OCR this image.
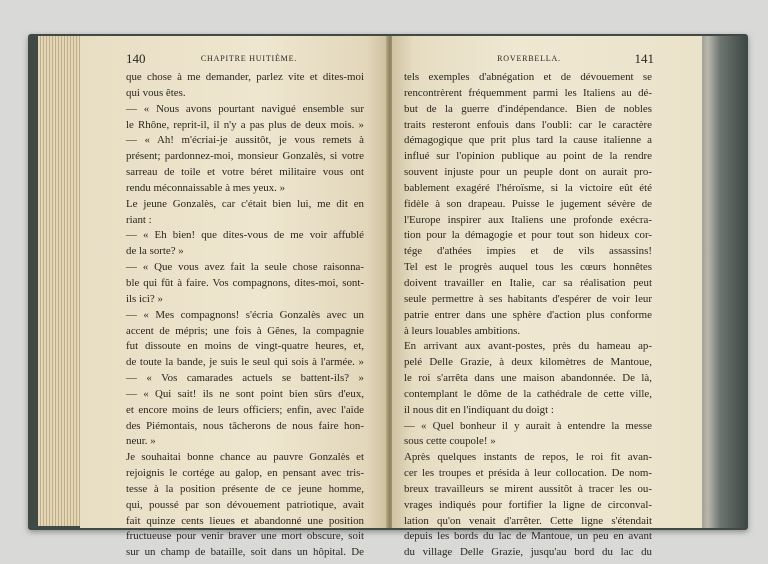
140	CHAPITRE HUITIÈME.
que chose à me demander, parlez vite et dites-moi
qui vous êtes.
— « Nous avons pourtant navigué ensemble sur
le Rhône, reprit-il, il n'y a pas plus de deux mois. »
— « Ah! m'écriai-je aussitôt, je vous remets à
présent; pardonnez-moi, monsieur Gonzalès, si votre
sarreau de toile et votre béret militaire vous ont
rendu méconnaissable à mes yeux. »
Le jeune Gonzalès, car c'était bien lui, me dit en
riant :
— « Eh bien! que dites-vous de me voir affublé
de la sorte? »
— « Que vous avez fait la seule chose raisonna-
ble qui fût à faire. Vos compagnons, dites-moi, sont-
ils ici? »
— « Mes compagnons! s'écria Gonzalès avec un
accent de mépris; une fois à Gênes, la compagnie
fut dissoute en moins de vingt-quatre heures, et,
de toute la bande, je suis le seul qui sois à l'armée. »
— « Vos camarades actuels se battent-ils? »
— « Qui sait! ils ne sont point bien sûrs d'eux,
et encore moins de leurs officiers; enfin, avec l'aide
des Piémontais, nous tâcherons de nous faire hon-
neur. »
Je souhaitai bonne chance au pauvre Gonzalès et
rejoignis le cortége au galop, en pensant avec tris-
tesse à la position présente de ce jeune homme,
qui, poussé par son dévouement patriotique, avait
fait quinze cents lieues et abandonné une position
fructueuse pour venir braver une mort obscure, soit
sur un champ de bataille, soit dans un hôpital. De
ROVERBELLA.	141
tels exemples d'abnégation et de dévouement se
rencontrèrent fréquemment parmi les Italiens au dé-
but de la guerre d'indépendance. Bien de nobles
traits resteront enfouis dans l'oubli: car le caractère
démagogique que prit plus tard la cause italienne a
influé sur l'opinion publique au point de la rendre
souvent injuste pour un peuple dont on aurait pro-
bablement exagéré l'héroïsme, si la victoire eût été
fidèle à son drapeau. Puisse le jugement sévère de
l'Europe inspirer aux Italiens une profonde exécra-
tion pour la démagogie et pour tout son hideux cor-
tége d'athées impies et de vils assassins!
Tel est le progrès auquel tous les cœurs honnêtes
doivent travailler en Italie, car sa réalisation peut
seule permettre à ses habitants d'espérer de voir leur
patrie entrer dans une sphère d'action plus conforme
à leurs louables ambitions.
En arrivant aux avant-postes, près du hameau ap-
pelé Delle Grazie, à deux kilomètres de Mantoue,
le roi s'arrêta dans une maison abandonnée. De là,
contemplant le dôme de la cathédrale de cette ville,
il nous dit en l'indiquant du doigt :
— « Quel bonheur il y aurait à entendre la messe
sous cette coupole! »
Après quelques instants de repos, le roi fit avan-
cer les troupes et présida à leur collocation. De nom-
breux travailleurs se mirent aussitôt à tracer les ou-
vrages indiqués pour fortifier la ligne de circonval-
lation qu'on venait d'arrêter. Cette ligne s'étendait
depuis les bords du lac de Mantoue, un peu en avant
du village Delle Grazie, jusqu'au bord du lac du
